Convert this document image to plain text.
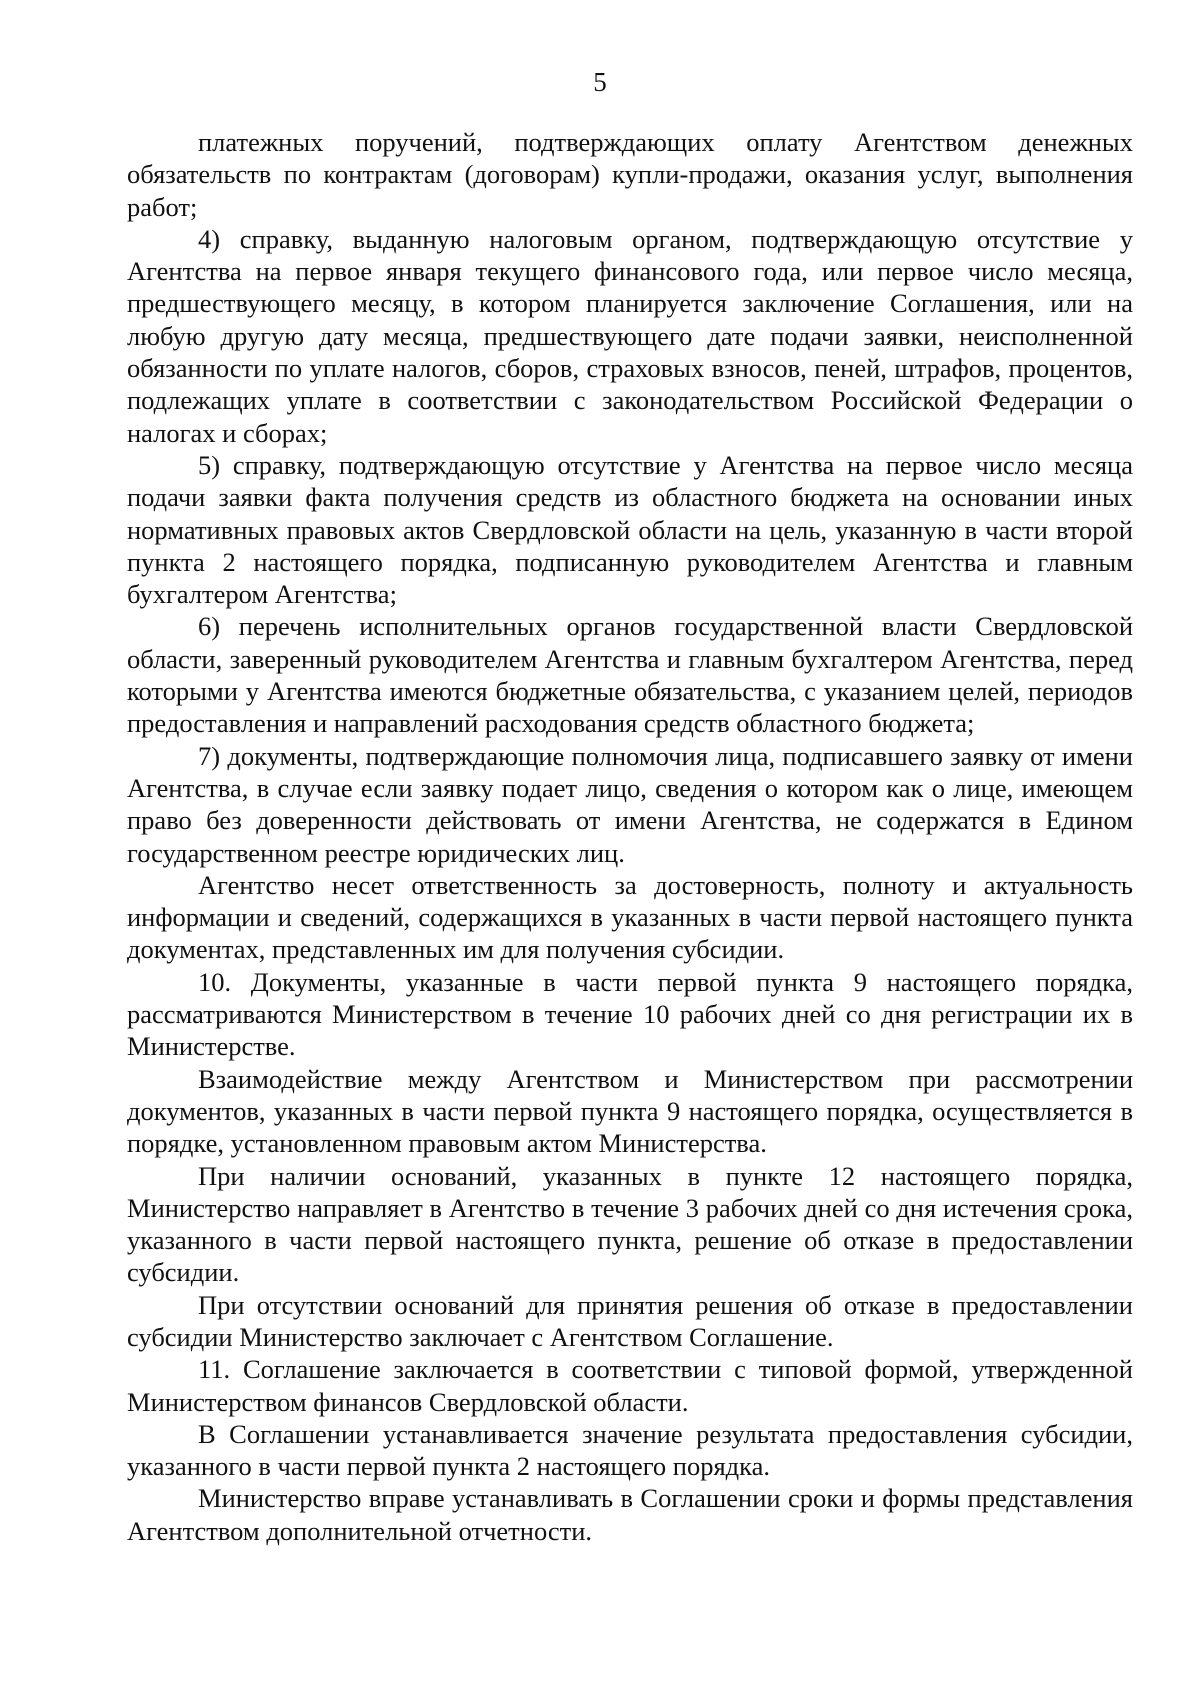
5

платежных поручений, подтверждающих оплату Агентством денежных обязательств по контрактам (договорам) купли-продажи, оказания услуг, выполнения работ;

4) справку, выданную налоговым органом, подтверждающую отсутствие у Агентства на первое января текущего финансового года, или первое число месяца, предшествующего месяцу, в котором планируется заключение Соглашения, или на любую другую дату месяца, предшествующего дате подачи заявки, неисполненной обязанности по уплате налогов, сборов, страховых взносов, пеней, штрафов, процентов, подлежащих уплате в соответствии с законодательством Российской Федерации о налогах и сборах;

5) справку, подтверждающую отсутствие у Агентства на первое число месяца подачи заявки факта получения средств из областного бюджета на основании иных нормативных правовых актов Свердловской области на цель, указанную в части второй пункта 2 настоящего порядка, подписанную руководителем Агентства и главным бухгалтером Агентства;

6) перечень исполнительных органов государственной власти Свердловской области, заверенный руководителем Агентства и главным бухгалтером Агентства, перед которыми у Агентства имеются бюджетные обязательства, с указанием целей, периодов предоставления и направлений расходования средств областного бюджета;

7) документы, подтверждающие полномочия лица, подписавшего заявку от имени Агентства, в случае если заявку подает лицо, сведения о котором как о лице, имеющем право без доверенности действовать от имени Агентства, не содержатся в Едином государственном реестре юридических лиц.

Агентство несет ответственность за достоверность, полноту и актуальность информации и сведений, содержащихся в указанных в части первой настоящего пункта документах, представленных им для получения субсидии.

10. Документы, указанные в части первой пункта 9 настоящего порядка, рассматриваются Министерством в течение 10 рабочих дней со дня регистрации их в Министерстве.

Взаимодействие между Агентством и Министерством при рассмотрении документов, указанных в части первой пункта 9 настоящего порядка, осуществляется в порядке, установленном правовым актом Министерства.

При наличии оснований, указанных в пункте 12 настоящего порядка, Министерство направляет в Агентство в течение 3 рабочих дней со дня истечения срока, указанного в части первой настоящего пункта, решение об отказе в предоставлении субсидии.

При отсутствии оснований для принятия решения об отказе в предоставлении субсидии Министерство заключает с Агентством Соглашение.

11. Соглашение заключается в соответствии с типовой формой, утвержденной Министерством финансов Свердловской области.

В Соглашении устанавливается значение результата предоставления субсидии, указанного в части первой пункта 2 настоящего порядка.

Министерство вправе устанавливать в Соглашении сроки и формы представления Агентством дополнительной отчетности.
